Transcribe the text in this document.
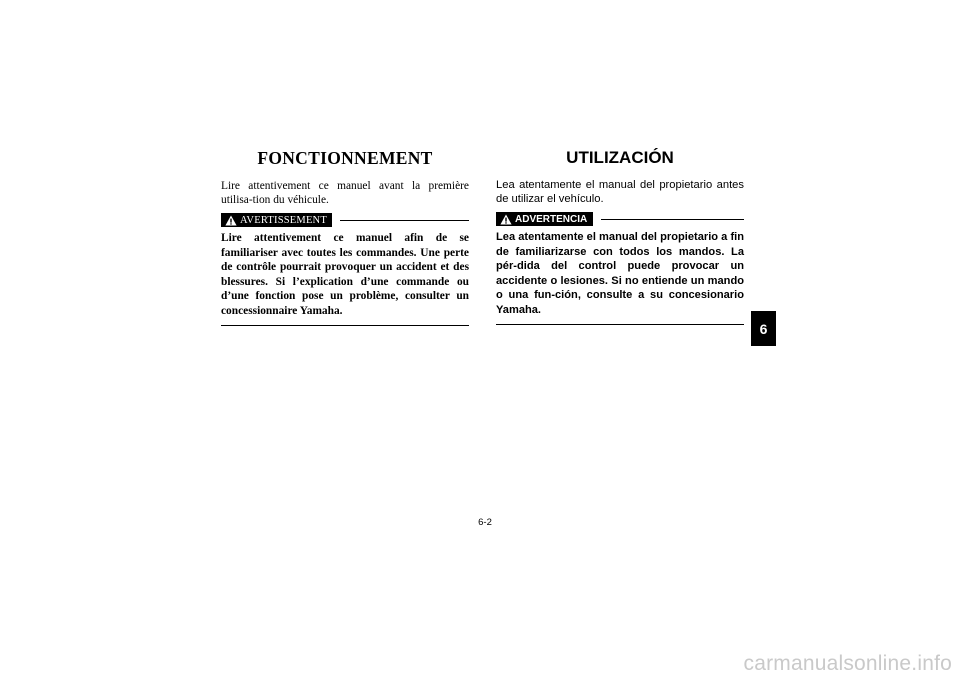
FONCTIONNEMENT

Lire attentivement ce manuel avant la première utilisa-tion du véhicule.

AVERTISSEMENT

Lire attentivement ce manuel afin de se familiariser avec toutes les commandes. Une perte de contrôle pourrait provoquer un accident et des blessures. Si l’explication d’une commande ou d’une fonction pose un problème, consulter un concessionnaire Yamaha.

UTILIZACIÓN

Lea atentamente el manual del propietario antes de utilizar el vehículo.

ADVERTENCIA

Lea atentamente el manual del propietario a fin de familiarizarse con todos los mandos. La pér-dida del control puede provocar un accidente o lesiones. Si no entiende un mando o una fun-ción, consulte a su concesionario Yamaha.

6
6-2
carmanualsonline.info
